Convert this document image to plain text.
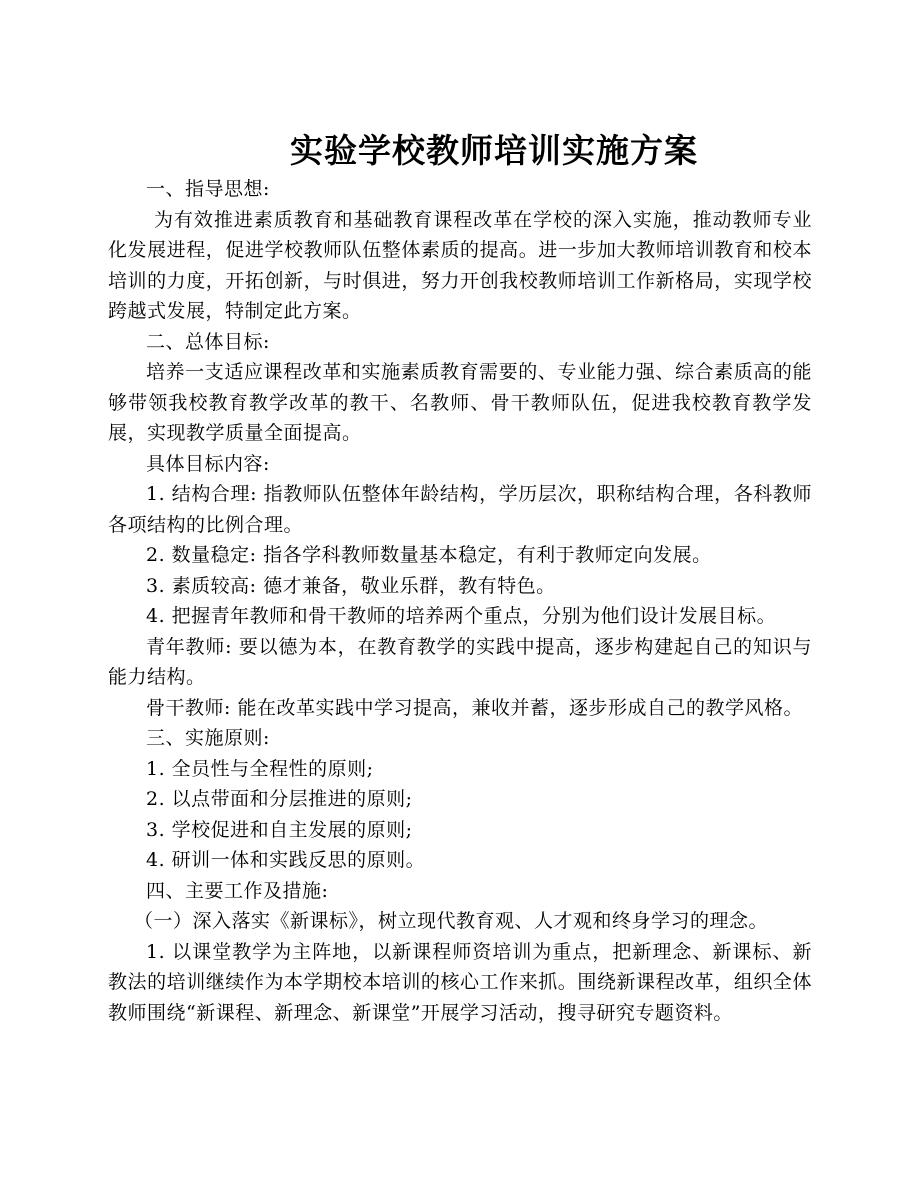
实验学校教师培训实施方案

一、指导思想:

为有效推进素质教育和基础教育课程改革在学校的深入实施，推动教师专业化发展进程，促进学校教师队伍整体素质的提高。进一步加大教师培训教育和校本培训的力度，开拓创新，与时俱进，努力开创我校教师培训工作新格局，实现学校跨越式发展，特制定此方案。

二、总体目标:

培养一支适应课程改革和实施素质教育需要的、专业能力强、综合素质高的能够带领我校教育教学改革的教干、名教师、骨干教师队伍，促进我校教育教学发展，实现教学质量全面提高。

具体目标内容:

1. 结构合理: 指教师队伍整体年龄结构，学历层次，职称结构合理，各科教师各项结构的比例合理。

2. 数量稳定: 指各学科教师数量基本稳定，有利于教师定向发展。

3. 素质较高: 德才兼备，敬业乐群，教有特色。

4. 把握青年教师和骨干教师的培养两个重点，分别为他们设计发展目标。

青年教师: 要以德为本，在教育教学的实践中提高，逐步构建起自己的知识与能力结构。

骨干教师: 能在改革实践中学习提高，兼收并蓄，逐步形成自己的教学风格。

三、实施原则:

1. 全员性与全程性的原则;

2. 以点带面和分层推进的原则;

3. 学校促进和自主发展的原则;

4. 研训一体和实践反思的原则。

四、主要工作及措施:

（一）深入落实《新课标》，树立现代教育观、人才观和终身学习的理念。

1. 以课堂教学为主阵地，以新课程师资培训为重点，把新理念、新课标、新教法的培训继续作为本学期校本培训的核心工作来抓。围绕新课程改革，组织全体教师围绕“新课程、新理念、新课堂”开展学习活动，搜寻研究专题资料。
